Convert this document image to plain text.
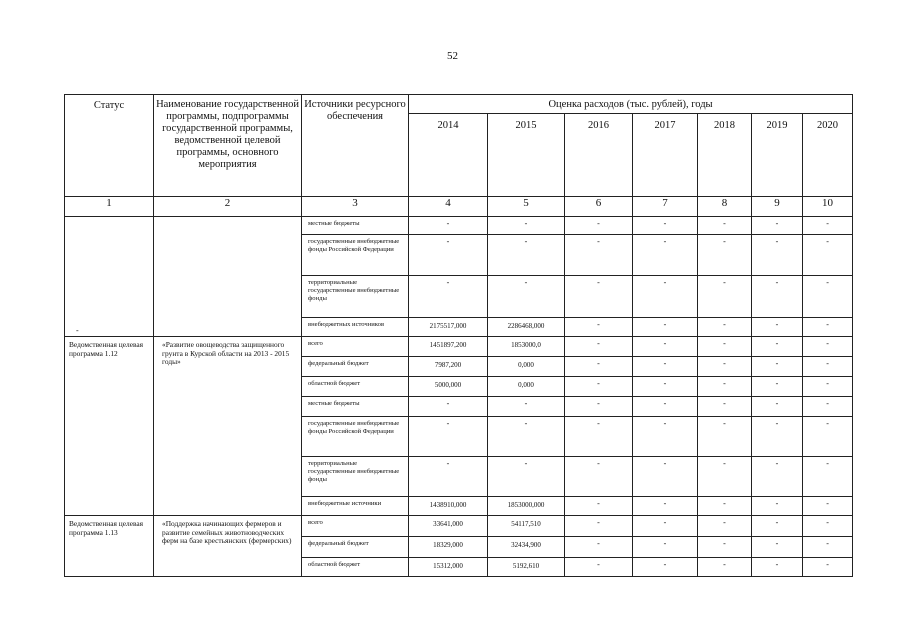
52
Статус	Наименование государственной программы, подпрограммы государственной программы, ведомственной целевой программы, основного мероприятия	Источники ресурсного обеспечения	Оценка расходов (тыс. рублей), годы						
			2014	2015	2016	2017	2018	2019	2020
1	2	3	4	5	6	7	8	9	10
		местные бюджеты	-	-	-	-	-	-	-
		государственные внебюджетные фонды Российской Федерации	-	-	-	-	-	-	-
		территориальные государственные внебюджетные фонды	-	-	-	-	-	-	-
		внебюджетных источников	2175517,000	2286468,000	-	-	-	-	-
Ведомственная целевая программа 1.12	«Развитие овощеводства защищенного грунта в Курской области на 2013 - 2015 годы»	всего	1451897,200	1853000,0	-	-	-	-	-
		федеральный бюджет	7987,200	0,000	-	-	-	-	-
		областной бюджет	5000,000	0,000	-	-	-	-	-
		местные бюджеты	-	-	-	-	-	-	-
		государственные внебюджетные фонды Российской Федерации	-	-	-	-	-	-	-
		территориальные государственные внебюджетные фонды	-	-	-	-	-	-	-
		внебюджетные источники	1438910,000	1853000,000	-	-	-	-	-
Ведомственная целевая программа 1.13	«Поддержка начинающих фермеров и развитие семейных животноводческих ферм на базе крестьянских (фермерских)	всего	33641,000	54117,510	-	-	-	-	-
		федеральный бюджет	18329,000	32434,900	-	-	-	-	-
		областной бюджет	15312,000	5192,610	-	-	-	-	-
-
